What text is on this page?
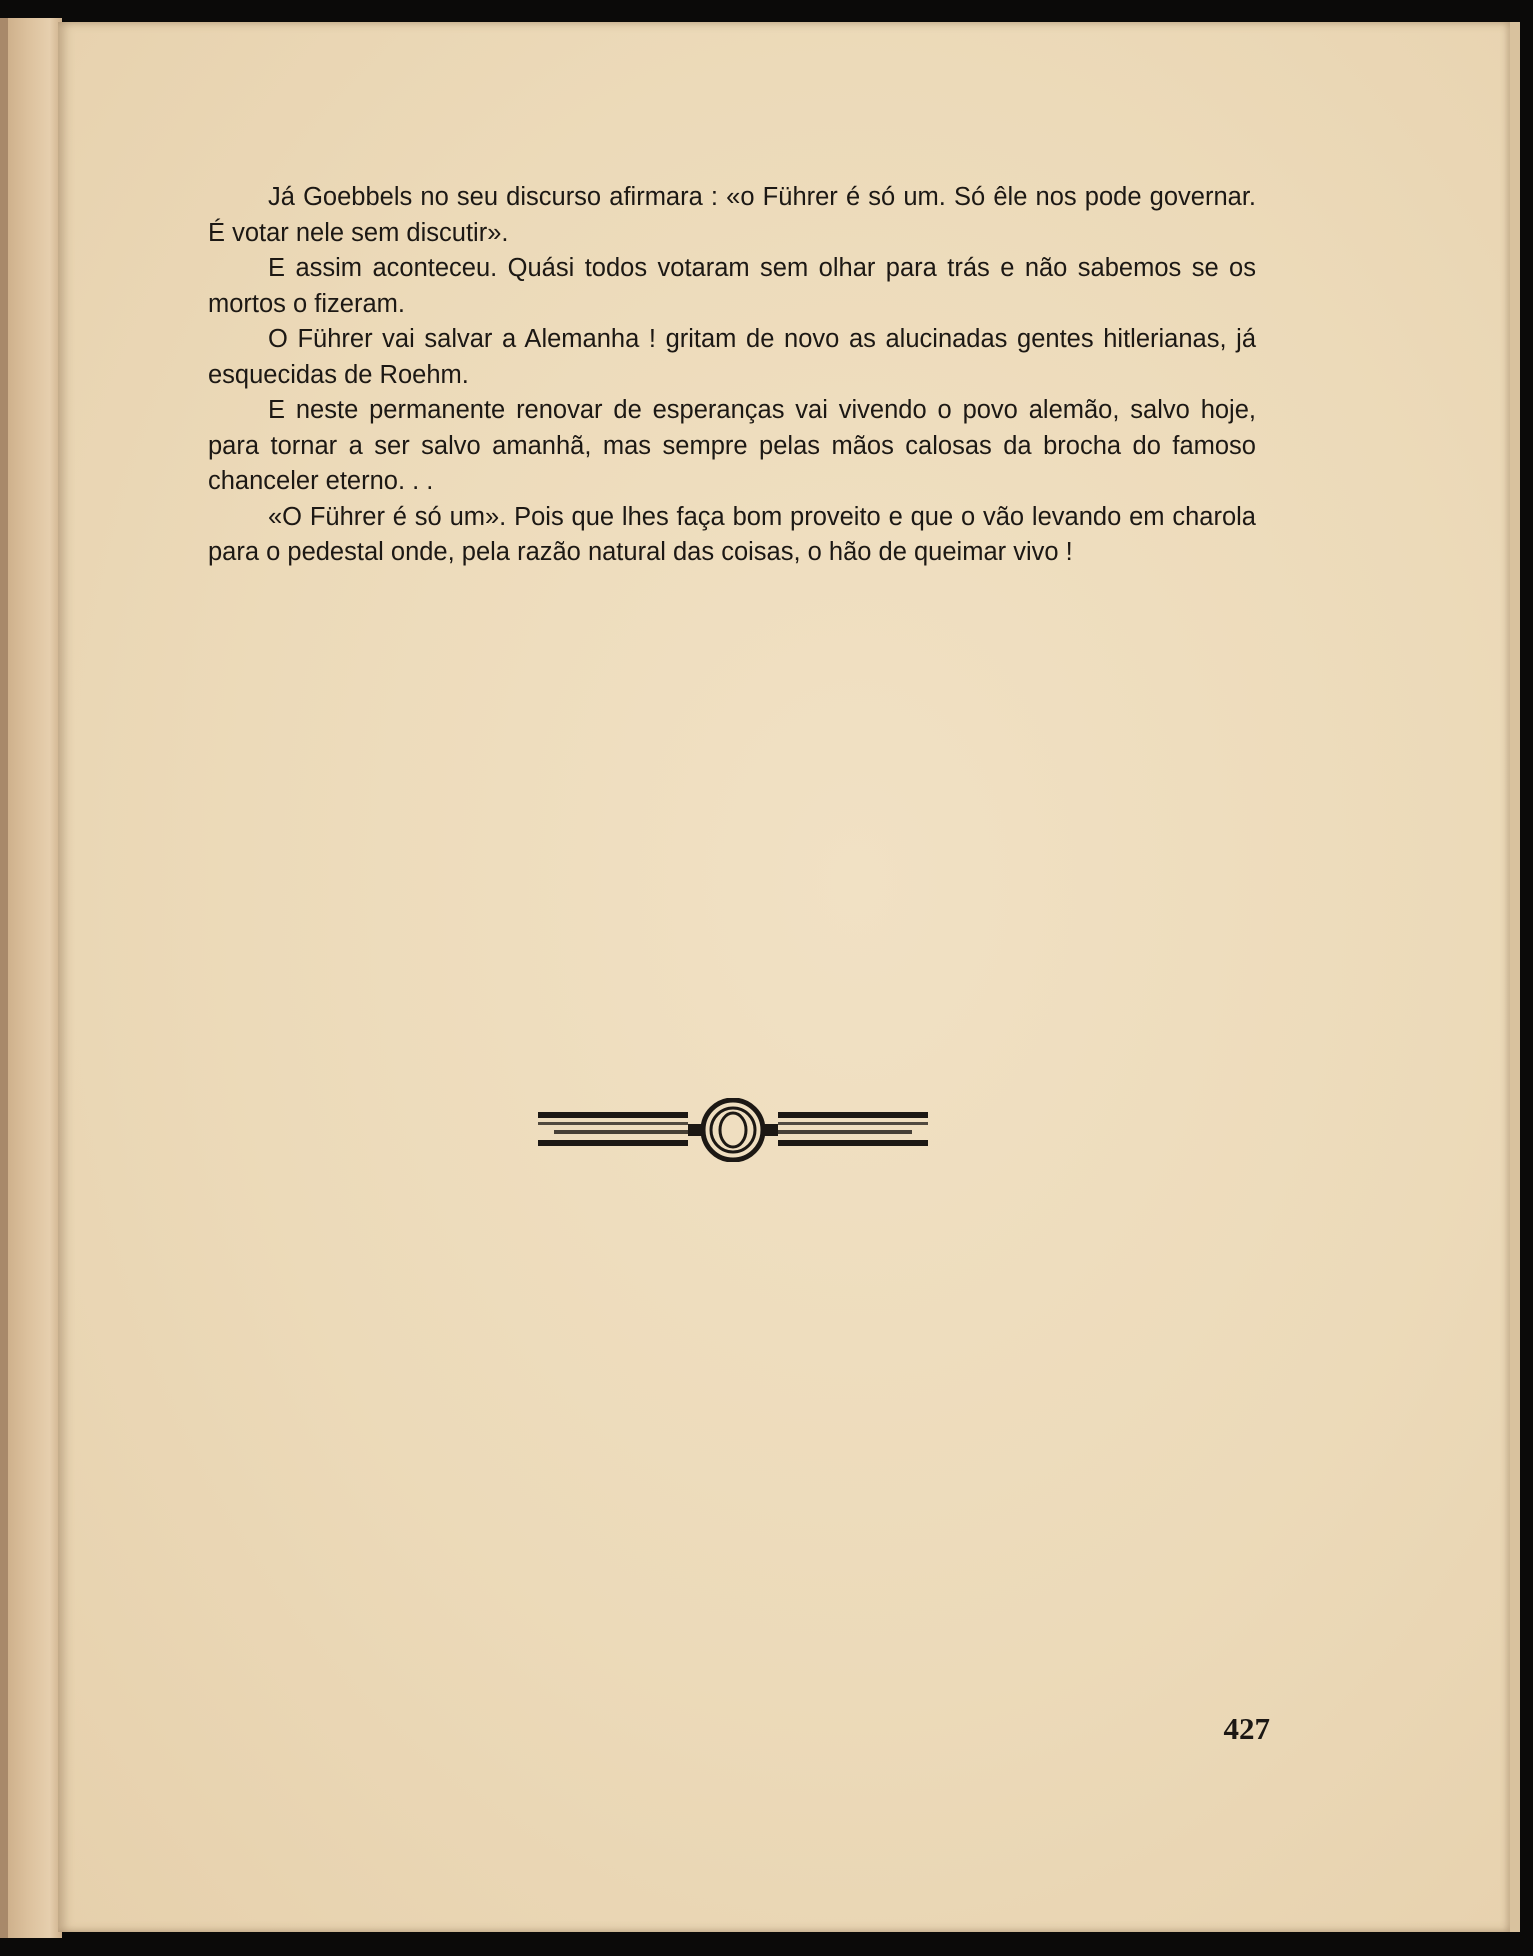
Já Goebbels no seu discurso afirmara : «o Führer é só um. Só êle nos pode governar. É votar nele sem discutir».

E assim aconteceu. Quási todos votaram sem olhar para trás e não sabemos se os mortos o fizeram.

O Führer vai salvar a Alemanha ! gritam de novo as alucinadas gentes hitlerianas, já esquecidas de Roehm.

E neste permanente renovar de esperanças vai vivendo o povo alemão, salvo hoje, para tornar a ser salvo amanhã, mas sempre pelas mãos calosas da brocha do famoso chanceler eterno. . .

«O Führer é só um». Pois que lhes faça bom proveito e que o vão levando em charola para o pedestal onde, pela razão natural das coisas, o hão de queimar vivo !

427
